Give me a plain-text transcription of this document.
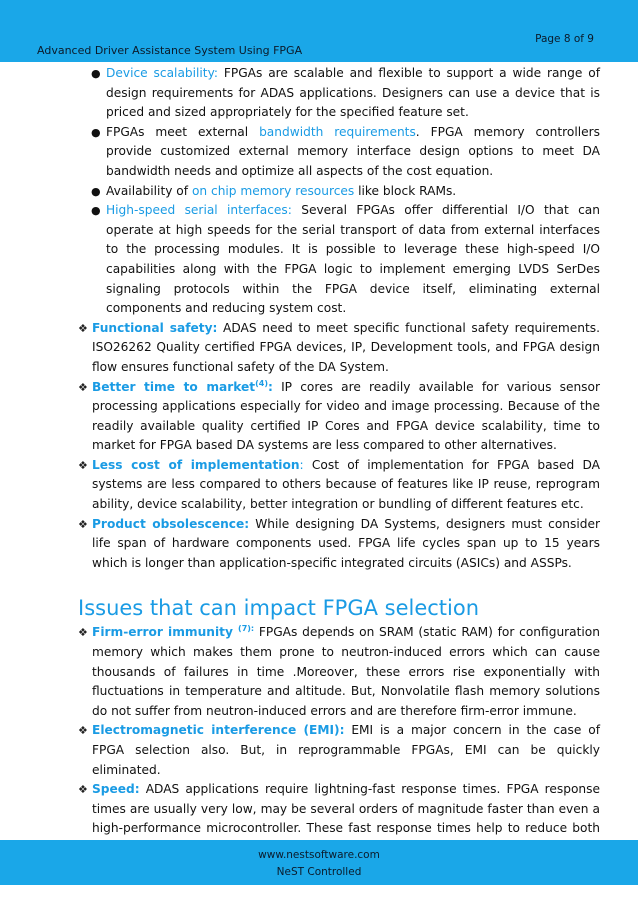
Page 8 of 9
Advanced Driver Assistance System Using FPGA
● Device scalability: FPGAs are scalable and flexible to support a wide range of design requirements for ADAS applications. Designers can use a device that is priced and sized appropriately for the specified feature set.
● FPGAs meet external bandwidth requirements. FPGA memory controllers provide customized external memory interface design options to meet DA bandwidth needs and optimize all aspects of the cost equation.
● Availability of on chip memory resources like block RAMs.
● High-speed serial interfaces: Several FPGAs offer differential I/O that can operate at high speeds for the serial transport of data from external interfaces to the processing modules. It is possible to leverage these high-speed I/O capabilities along with the FPGA logic to implement emerging LVDS SerDes signaling protocols within the FPGA device itself, eliminating external components and reducing system cost.
❖ Functional safety: ADAS need to meet specific functional safety requirements. ISO26262 Quality certified FPGA devices, IP, Development tools, and FPGA design flow ensures functional safety of the DA System.
❖ Better time to market$^{(4)}$: IP cores are readily available for various sensor processing applications especially for video and image processing. Because of the readily available quality certified IP Cores and FPGA device scalability, time to market for FPGA based DA systems are less compared to other alternatives.
❖ Less cost of implementation: Cost of implementation for FPGA based DA systems are less compared to others because of features like IP reuse, reprogram ability, device scalability, better integration or bundling of different features etc.
❖ Product obsolescence: While designing DA Systems, designers must consider life span of hardware components used. FPGA life cycles span up to 15 years which is longer than application-specific integrated circuits (ASICs) and ASSPs.
Issues that can impact FPGA selection
❖ Firm-error immunity $^{(7):}$ FPGAs depends on SRAM (static RAM) for configuration memory which makes them prone to neutron-induced errors which can cause thousands of failures in time .Moreover, these errors rise exponentially with fluctuations in temperature and altitude. But, Nonvolatile flash memory solutions do not suffer from neutron-induced errors and are therefore firm-error immune.
❖ Electromagnetic interference (EMI): EMI is a major concern in the case of FPGA selection also. But, in reprogrammable FPGAs, EMI can be quickly eliminated.
❖ Speed: ADAS applications require lightning-fast response times. FPGA response times are usually very low, may be several orders of magnitude faster than even a high-performance microcontroller. These fast response times help to reduce both
www.nestsoftware.com
NeST Controlled
